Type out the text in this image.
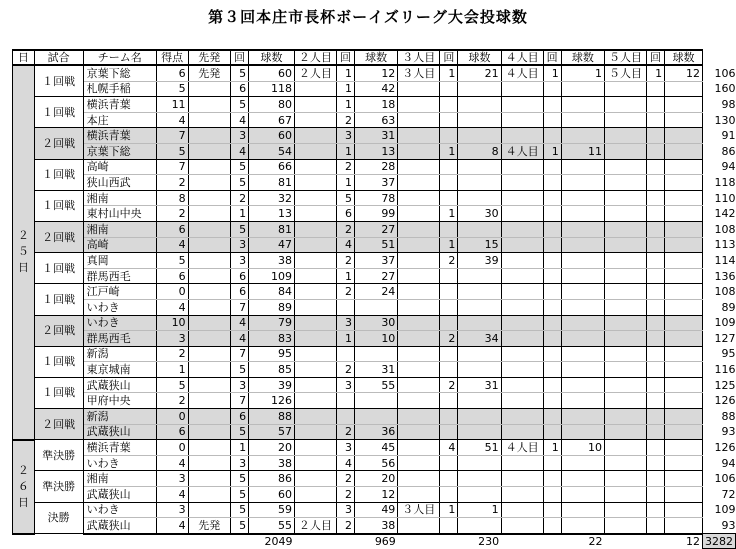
第３回本庄市長杯ボーイズリーグ大会投球数
日	試合	チーム名	得点	先発	回	球数	２人目	回	球数	３人目	回	球数	４人目	回	球数	５人目	回	球数	
２
５
日	１回戦	京葉下総	6	先発	5	60	２人目	1	12	３人目	1	21	４人目	1	1	５人目	1	12	106
		札幌手稲	5		6	118		1	42										160
	１回戦	横浜青葉	11		5	80		1	18										98
		本庄	4		4	67		2	63										130
	２回戦	横浜青葉	7		3	60		3	31										91
		京葉下総	5		4	54		1	13		1	8	４人目	1	11				86
	１回戦	高崎	7		5	66		2	28										94
		狭山西武	2		5	81		1	37										118
	１回戦	湘南	8		2	32		5	78										110
		東村山中央	2		1	13		6	99		1	30							142
	２回戦	湘南	6		5	81		2	27										108
		高崎	4		3	47		4	51		1	15							113
	１回戦	真岡	5		3	38		2	37		2	39							114
		群馬西毛	6		6	109		1	27										136
	１回戦	江戸崎	0		6	84		2	24										108
		いわき	4		7	89													89
	２回戦	いわき	10		4	79		3	30										109
		群馬西毛	3		4	83		1	10		2	34							127
	１回戦	新潟	2		7	95													95
		東京城南	1		5	85		2	31										116
	１回戦	武蔵狭山	5		3	39		3	55		2	31							125
		甲府中央	2		7	126													126
	２回戦	新潟	0		6	88													88
		武蔵狭山	6		5	57		2	36										93
２
６
日	準決勝	横浜青葉	0		1	20		3	45		4	51	４人目	1	10				126
		いわき	4		3	38		4	56										94
	準決勝	湘南	3		5	86		2	20										106
		武蔵狭山	4		5	60		2	12										72
	決勝	いわき	3		5	59		3	49	３人目	1	1							109
		武蔵狭山	4	先発	5	55	２人目	2	38										93
						2049			969			230			22			12	3282
